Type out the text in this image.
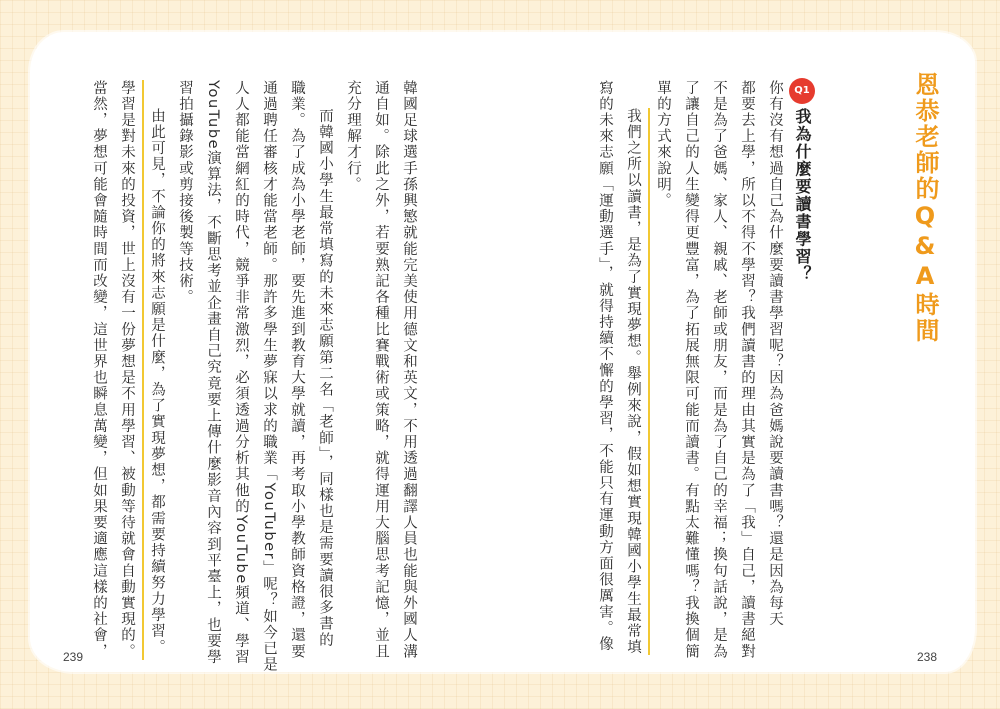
恩恭老師的Q&A時間
Q1
我為什麼要讀書學習？
你有沒有想過自己為什麼要讀書學習呢？因為爸媽說要讀書嗎？還是因為每天
都要去上學，所以不得不學習？我們讀書的理由其實是為了「我」自己，讀書絕對
不是為了爸媽、家人、親戚、老師或朋友，而是為了自己的幸福；換句話說，是為
了讓自己的人生變得更豐富，為了拓展無限可能而讀書。有點太難懂嗎？我換個簡
單的方式來說明。
我們之所以讀書，是為了實現夢想。舉例來說，假如想實現韓國小學生最常填
寫的未來志願「運動選手」，就得持續不懈的學習，不能只有運動方面很厲害。像
238
韓國足球選手孫興慜就能完美使用德文和英文，不用透過翻譯人員也能與外國人溝
通自如。除此之外，若要熟記各種比賽戰術或策略，就得運用大腦思考記憶，並且
充分理解才行。
而韓國小學生最常填寫的未來志願第二名「老師」，同樣也是需要讀很多書的
職業。為了成為小學老師，要先進到教育大學就讀，再考取小學教師資格證，還要
通過聘任審核才能當老師。那許多學生夢寐以求的職業「YouTuber」呢？如今已是
人人都能當網紅的時代，競爭非常激烈，必須透過分析其他的YouTube頻道、學習
YouTube演算法，不斷思考並企畫自己究竟要上傳什麼影音內容到平臺上，也要學
習拍攝錄影或剪接後製等技術。
由此可見，不論你的將來志願是什麼，為了實現夢想，都需要持續努力學習。
學習是對未來的投資，世上沒有一份夢想是不用學習、被動等待就會自動實現的。
當然，夢想可能會隨時間而改變，這世界也瞬息萬變，但如果要適應這樣的社會，
239
